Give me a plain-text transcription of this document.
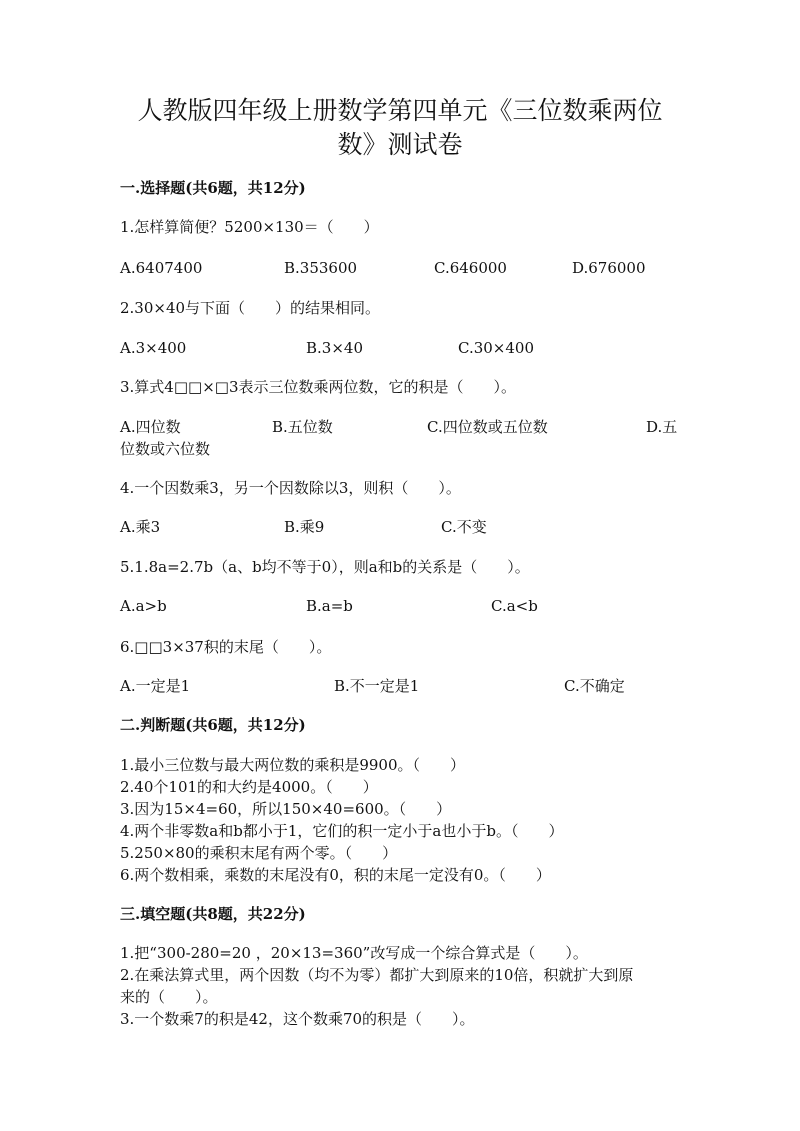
人教版四年级上册数学第四单元《三位数乘两位
数》测试卷
一.选择题(共6题，共12分)
1.怎样算简便？5200×130＝（　　）
A.6407400	B.353600	C.646000	D.676000
2.30×40与下面（　　）的结果相同。
A.3×400	B.3×40	C.30×400
3.算式4□□×□3表示三位数乘两位数，它的积是（　　）。
A.四位数	B.五位数	C.四位数或五位数	D.五
位数或六位数
4.一个因数乘3，另一个因数除以3，则积（　　）。
A.乘3	B.乘9	C.不变
5.1.8a=2.7b（a、b均不等于0），则a和b的关系是（　　）。
A.a>b	B.a=b	C.a<b
6.□□3×37积的末尾（　　）。
A.一定是1	B.不一定是1	C.不确定
二.判断题(共6题，共12分)
1.最小三位数与最大两位数的乘积是9900。（　　）
2.40个101的和大约是4000。（　　）
3.因为15×4=60，所以150×40=600。（　　）
4.两个非零数a和b都小于1，它们的积一定小于a也小于b。（　　）
5.250×80的乘积末尾有两个零。（　　）
6.两个数相乘，乘数的末尾没有0，积的末尾一定没有0。（　　）
三.填空题(共8题，共22分)
1.把“300-280=20 ，20×13=360”改写成一个综合算式是（　　）。
2.在乘法算式里，两个因数（均不为零）都扩大到原来的10倍，积就扩大到原
来的（　　）。
3.一个数乘7的积是42，这个数乘70的积是（　　）。
